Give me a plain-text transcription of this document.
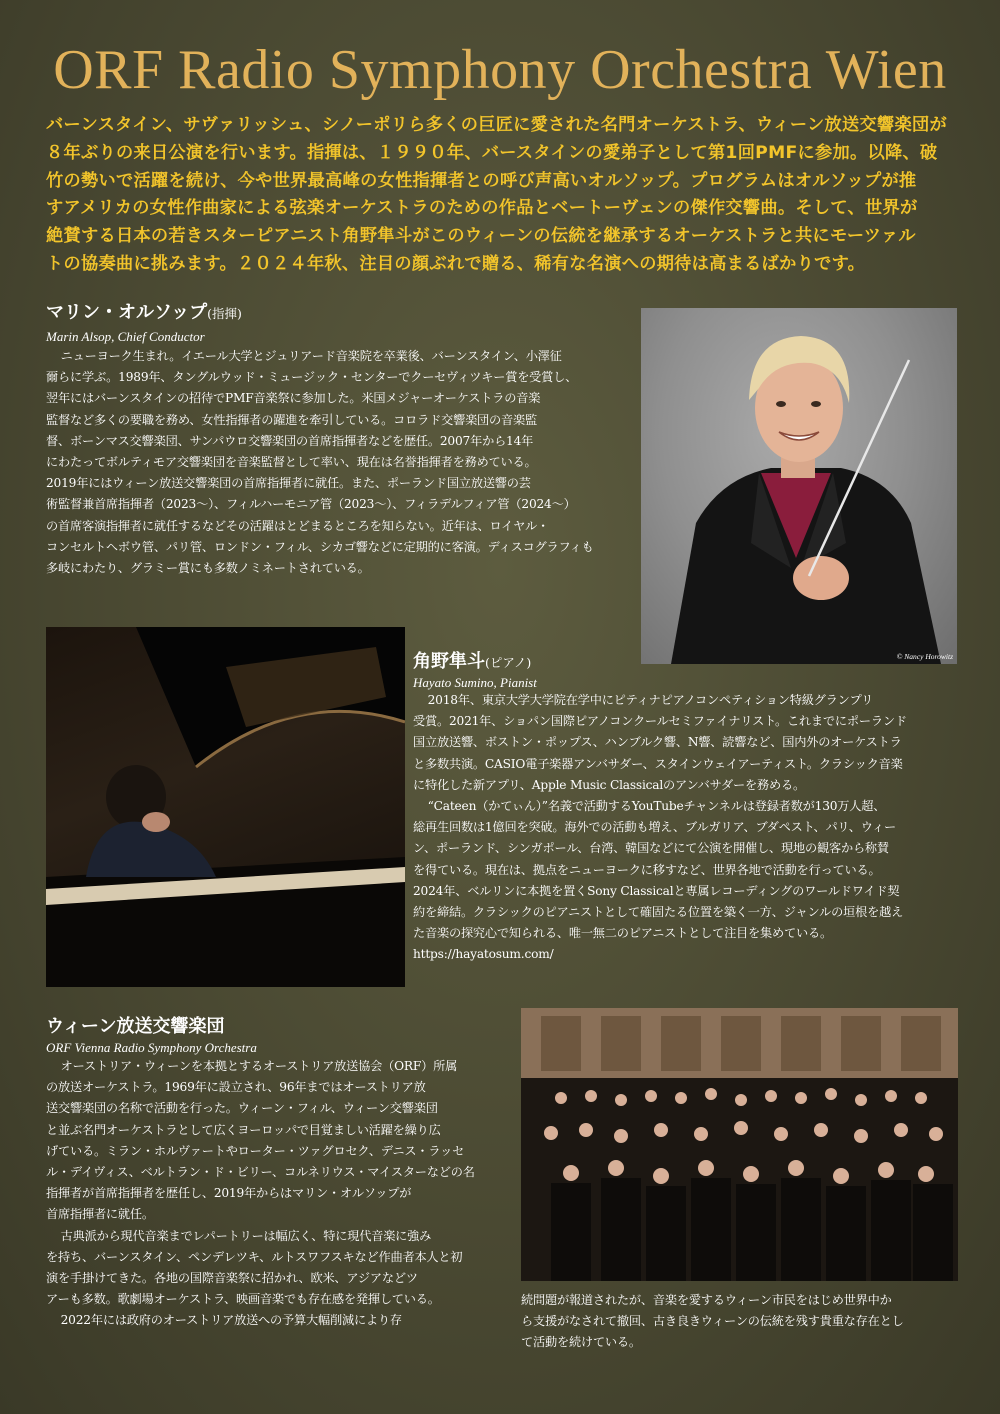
ORF Radio Symphony Orchestra Wien
バーンスタイン、サヴァリッシュ、シノーポリら多くの巨匠に愛された名門オーケストラ、ウィーン放送交響楽団が
８年ぶりの来日公演を行います。指揮は、１９９０年、バースタインの愛弟子として第1回PMFに参加。以降、破
竹の勢いで活躍を続け、今や世界最高峰の女性指揮者との呼び声高いオルソップ。プログラムはオルソップが推
すアメリカの女性作曲家による弦楽オーケストラのための作品とベートーヴェンの傑作交響曲。そして、世界が
絶賛する日本の若きスターピアニスト角野隼斗がこのウィーンの伝統を継承するオーケストラと共にモーツァル
トの協奏曲に挑みます。２０２４年秋、注目の顔ぶれで贈る、稀有な名演への期待は高まるばかりです。
マリン・オルソップ(指揮)
Marin Alsop, Chief Conductor
ニューヨーク生まれ。イエール大学とジュリアード音楽院を卒業後、バーンスタイン、小澤征
爾らに学ぶ。1989年、タングルウッド・ミュージック・センターでクーセヴィツキー賞を受賞し、
翌年にはバーンスタインの招待でPMF音楽祭に参加した。米国メジャーオーケストラの音楽
監督など多くの要職を務め、女性指揮者の躍進を牽引している。コロラド交響楽団の音楽監
督、ボーンマス交響楽団、サンパウロ交響楽団の首席指揮者などを歴任。2007年から14年
にわたってボルティモア交響楽団を音楽監督として率い、現在は名誉指揮者を務めている。
2019年にはウィーン放送交響楽団の首席指揮者に就任。また、ポーランド国立放送響の芸
術監督兼首席指揮者（2023～）、フィルハーモニア管（2023～）、フィラデルフィア管（2024～）
の首席客演指揮者に就任するなどその活躍はとどまるところを知らない。近年は、ロイヤル・
コンセルトヘボウ管、パリ管、ロンドン・フィル、シカゴ響などに定期的に客演。ディスコグラフィも
多岐にわたり、グラミー賞にも多数ノミネートされている。
© Nancy Horowitz
角野隼斗(ピアノ)
Hayato Sumino, Pianist
2018年、東京大学大学院在学中にピティナピアノコンペティション特級グランプリ
受賞。2021年、ショパン国際ピアノコンクールセミファイナリスト。これまでにポーランド
国立放送響、ボストン・ポップス、ハンブルク響、N響、読響など、国内外のオーケストラ
と多数共演。CASIO電子楽器アンバサダー、スタインウェイアーティスト。クラシック音楽
に特化した新アプリ、Apple Music Classicalのアンバサダーを務める。
“Cateen（かてぃん）”名義で活動するYouTubeチャンネルは登録者数が130万人超、
総再生回数は1億回を突破。海外での活動も増え、ブルガリア、ブダペスト、パリ、ウィー
ン、ポーランド、シンガポール、台湾、韓国などにて公演を開催し、現地の観客から称賛
を得ている。現在は、拠点をニューヨークに移すなど、世界各地で活動を行っている。
2024年、ベルリンに本拠を置くSony Classicalと専属レコーディングのワールドワイド契
約を締結。クラシックのピアニストとして確固たる位置を築く一方、ジャンルの垣根を越え
た音楽の探究心で知られる、唯一無二のピアニストとして注目を集めている。
https://hayatosum.com/
ウィーン放送交響楽団
ORF Vienna Radio Symphony Orchestra
オーストリア・ウィーンを本拠とするオーストリア放送協会（ORF）所属
の放送オーケストラ。1969年に設立され、96年まではオーストリア放
送交響楽団の名称で活動を行った。ウィーン・フィル、ウィーン交響楽団
と並ぶ名門オーケストラとして広くヨーロッパで目覚ましい活躍を繰り広
げている。ミラン・ホルヴァートやローター・ツァグロセク、デニス・ラッセ
ル・デイヴィス、ベルトラン・ド・ビリー、コルネリウス・マイスターなどの名
指揮者が首席指揮者を歴任し、2019年からはマリン・オルソップが
首席指揮者に就任。
古典派から現代音楽までレパートリーは幅広く、特に現代音楽に強み
を持ち、バーンスタイン、ペンデレツキ、ルトスワフスキなど作曲者本人と初
演を手掛けてきた。各地の国際音楽祭に招かれ、欧米、アジアなどツ
アーも多数。歌劇場オーケストラ、映画音楽でも存在感を発揮している。
2022年には政府のオーストリア放送への予算大幅削減により存
続問題が報道されたが、音楽を愛するウィーン市民をはじめ世界中か
ら支援がなされて撤回、古き良きウィーンの伝統を残す貴重な存在とし
て活動を続けている。
